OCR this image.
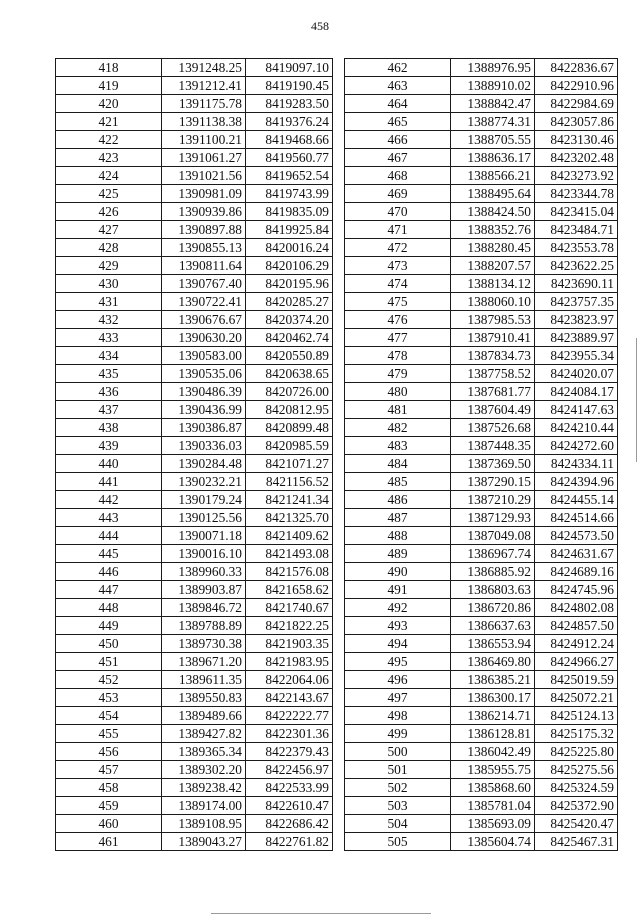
458
418	1391248.25	8419097.10
419	1391212.41	8419190.45
420	1391175.78	8419283.50
421	1391138.38	8419376.24
422	1391100.21	8419468.66
423	1391061.27	8419560.77
424	1391021.56	8419652.54
425	1390981.09	8419743.99
426	1390939.86	8419835.09
427	1390897.88	8419925.84
428	1390855.13	8420016.24
429	1390811.64	8420106.29
430	1390767.40	8420195.96
431	1390722.41	8420285.27
432	1390676.67	8420374.20
433	1390630.20	8420462.74
434	1390583.00	8420550.89
435	1390535.06	8420638.65
436	1390486.39	8420726.00
437	1390436.99	8420812.95
438	1390386.87	8420899.48
439	1390336.03	8420985.59
440	1390284.48	8421071.27
441	1390232.21	8421156.52
442	1390179.24	8421241.34
443	1390125.56	8421325.70
444	1390071.18	8421409.62
445	1390016.10	8421493.08
446	1389960.33	8421576.08
447	1389903.87	8421658.62
448	1389846.72	8421740.67
449	1389788.89	8421822.25
450	1389730.38	8421903.35
451	1389671.20	8421983.95
452	1389611.35	8422064.06
453	1389550.83	8422143.67
454	1389489.66	8422222.77
455	1389427.82	8422301.36
456	1389365.34	8422379.43
457	1389302.20	8422456.97
458	1389238.42	8422533.99
459	1389174.00	8422610.47
460	1389108.95	8422686.42
461	1389043.27	8422761.82
462	1388976.95	8422836.67
463	1388910.02	8422910.96
464	1388842.47	8422984.69
465	1388774.31	8423057.86
466	1388705.55	8423130.46
467	1388636.17	8423202.48
468	1388566.21	8423273.92
469	1388495.64	8423344.78
470	1388424.50	8423415.04
471	1388352.76	8423484.71
472	1388280.45	8423553.78
473	1388207.57	8423622.25
474	1388134.12	8423690.11
475	1388060.10	8423757.35
476	1387985.53	8423823.97
477	1387910.41	8423889.97
478	1387834.73	8423955.34
479	1387758.52	8424020.07
480	1387681.77	8424084.17
481	1387604.49	8424147.63
482	1387526.68	8424210.44
483	1387448.35	8424272.60
484	1387369.50	8424334.11
485	1387290.15	8424394.96
486	1387210.29	8424455.14
487	1387129.93	8424514.66
488	1387049.08	8424573.50
489	1386967.74	8424631.67
490	1386885.92	8424689.16
491	1386803.63	8424745.96
492	1386720.86	8424802.08
493	1386637.63	8424857.50
494	1386553.94	8424912.24
495	1386469.80	8424966.27
496	1386385.21	8425019.59
497	1386300.17	8425072.21
498	1386214.71	8425124.13
499	1386128.81	8425175.32
500	1386042.49	8425225.80
501	1385955.75	8425275.56
502	1385868.60	8425324.59
503	1385781.04	8425372.90
504	1385693.09	8425420.47
505	1385604.74	8425467.31
